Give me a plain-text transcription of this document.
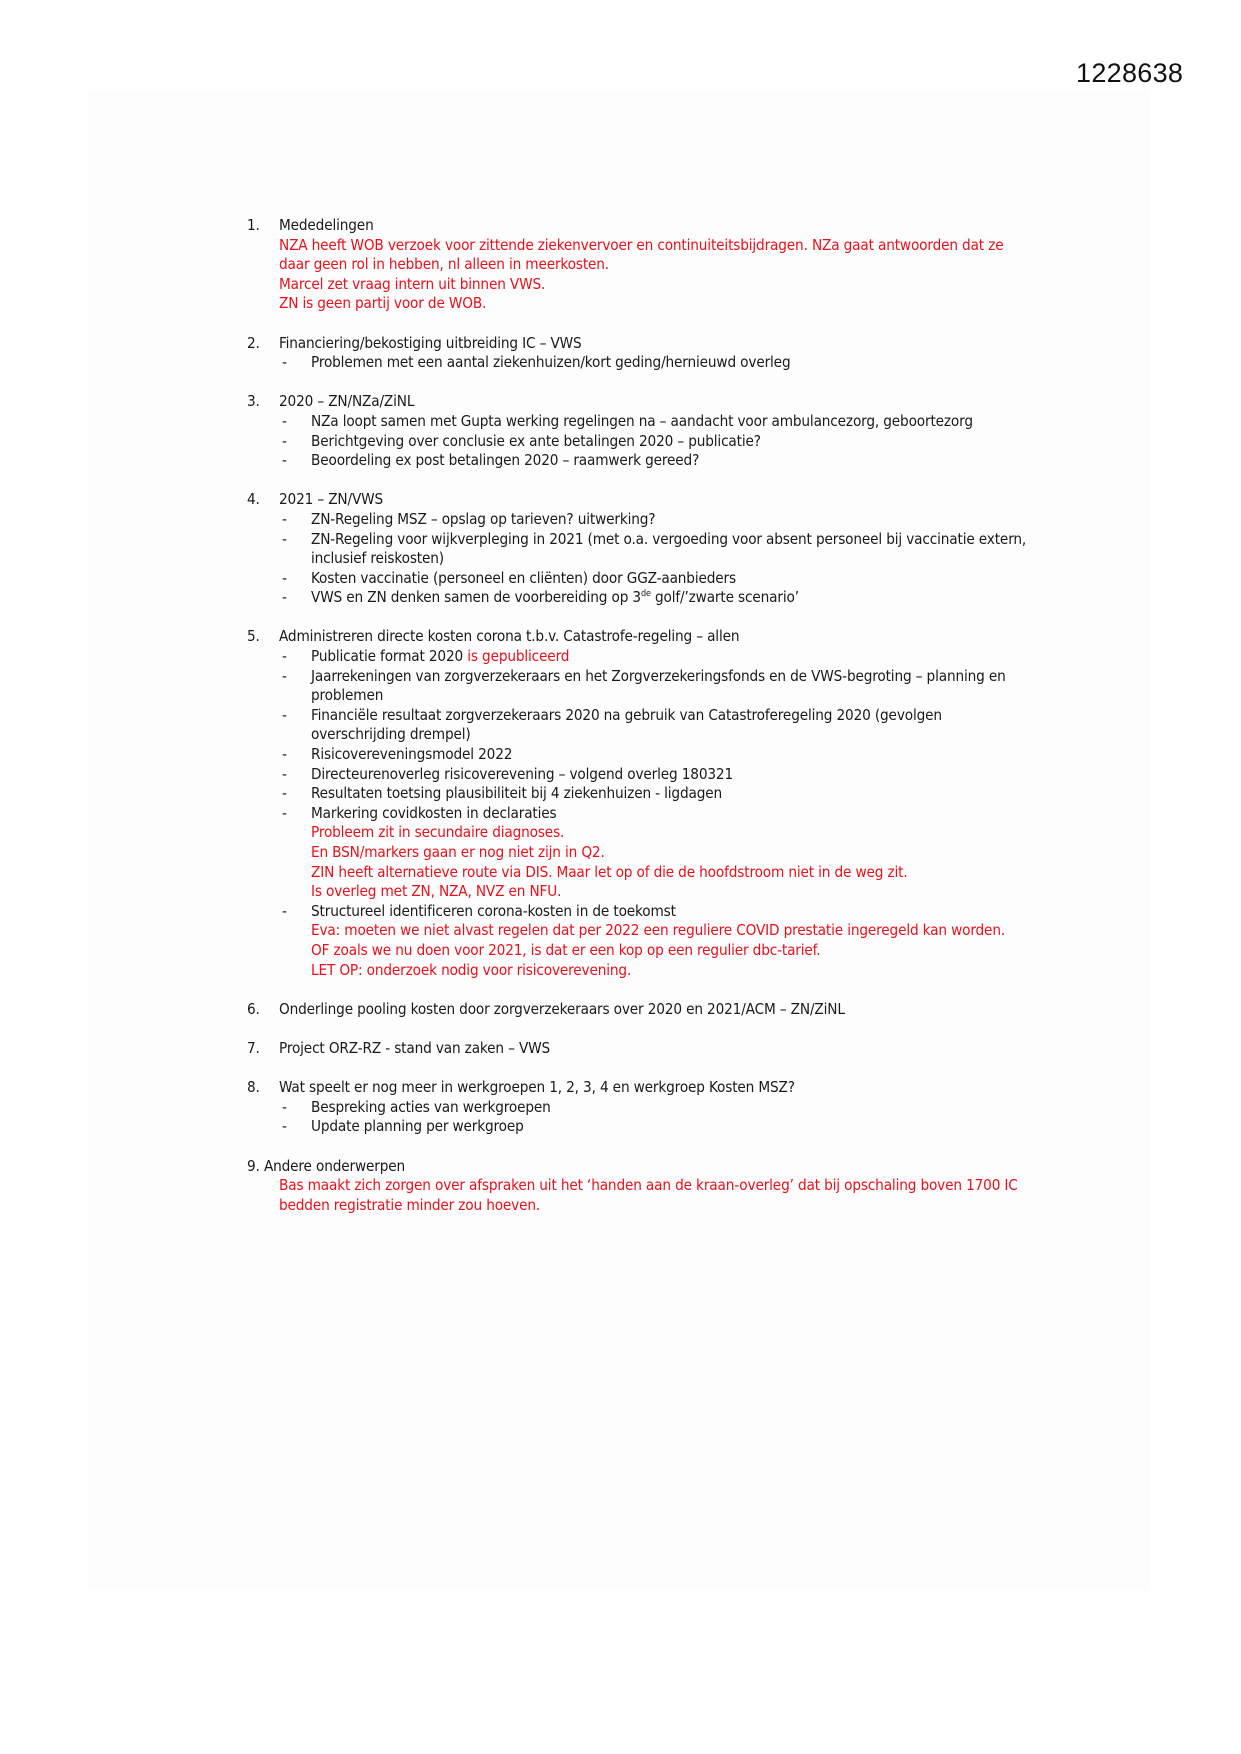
1228638
1. Mededelingen
NZA heeft WOB verzoek voor zittende ziekenvervoer en continuiteitsbijdragen. NZa gaat antwoorden dat ze daar geen rol in hebben, nl alleen in meerkosten.
Marcel zet vraag intern uit binnen VWS.
ZN is geen partij voor de WOB.
2. Financiering/bekostiging uitbreiding IC – VWS
- Problemen met een aantal ziekenhuizen/kort geding/hernieuwd overleg
3. 2020 – ZN/NZa/ZiNL
- NZa loopt samen met Gupta werking regelingen na – aandacht voor ambulancezorg, geboortezorg
- Berichtgeving over conclusie ex ante betalingen 2020 – publicatie?
- Beoordeling ex post betalingen 2020 – raamwerk gereed?
4. 2021 – ZN/VWS
- ZN-Regeling MSZ – opslag op tarieven? uitwerking?
- ZN-Regeling voor wijkverpleging in 2021 (met o.a. vergoeding voor absent personeel bij vaccinatie extern, inclusief reiskosten)
- Kosten vaccinatie (personeel en cliënten) door GGZ-aanbieders
- VWS en ZN denken samen de voorbereiding op 3de golf/’zwarte scenario’
5. Administreren directe kosten corona t.b.v. Catastrofe-regeling – allen
- Publicatie format 2020 is gepubliceerd
- Jaarrekeningen van zorgverzekeraars en het Zorgverzekeringsfonds en de VWS-begroting – planning en problemen
- Financiële resultaat zorgverzekeraars 2020 na gebruik van Catastroferegeling 2020 (gevolgen overschrijding drempel)
- Risicovereveningsmodel 2022
- Directeurenoverleg risicoverevening – volgend overleg 180321
- Resultaten toetsing plausibiliteit bij 4 ziekenhuizen - ligdagen
- Markering covidkosten in declaraties
Probleem zit in secundaire diagnoses.
En BSN/markers gaan er nog niet zijn in Q2.
ZIN heeft alternatieve route via DIS. Maar let op of die de hoofdstroom niet in de weg zit.
Is overleg met ZN, NZA, NVZ en NFU.
- Structureel identificeren corona-kosten in de toekomst
Eva: moeten we niet alvast regelen dat per 2022 een reguliere COVID prestatie ingeregeld kan worden.
OF zoals we nu doen voor 2021, is dat er een kop op een regulier dbc-tarief.
LET OP: onderzoek nodig voor risicoverevening.
6. Onderlinge pooling kosten door zorgverzekeraars over 2020 en 2021/ACM – ZN/ZiNL
7. Project ORZ-RZ - stand van zaken – VWS
8. Wat speelt er nog meer in werkgroepen 1, 2, 3, 4 en werkgroep Kosten MSZ?
- Bespreking acties van werkgroepen
- Update planning per werkgroep
9. Andere onderwerpen
Bas maakt zich zorgen over afspraken uit het ‘handen aan de kraan-overleg’ dat bij opschaling boven 1700 IC bedden registratie minder zou hoeven.
